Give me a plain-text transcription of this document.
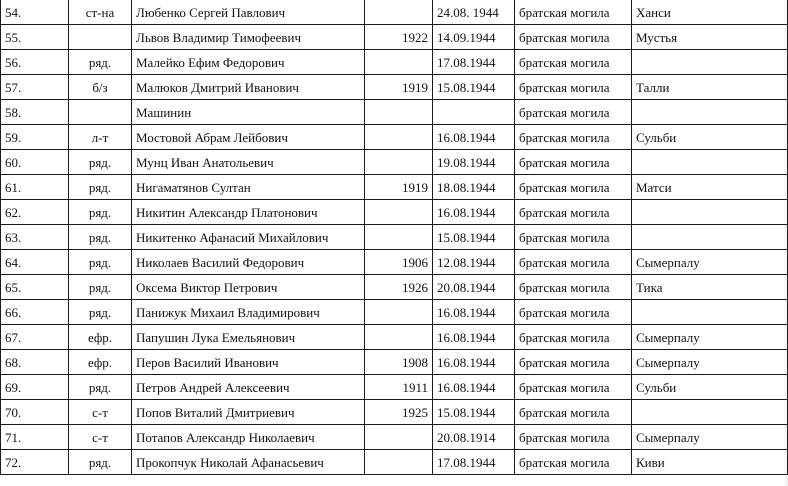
54.	ст-на	Любенко Сергей Павлович		24.08. 1944	братская могила	Ханси
55.		Львов Владимир Тимофеевич	1922	14.09.1944	братская могила	Мустья
56.	ряд.	Малейко Ефим Федорович		17.08.1944	братская могила	
57.	б/з	Малюков Дмитрий Иванович	1919	15.08.1944	братская могила	Талли
58.		Машинин			братская могила	
59.	л-т	Мостовой Абрам Лейбович		16.08.1944	братская могила	Сульби
60.	ряд.	Мунц Иван Анатольевич		19.08.1944	братская могила	
61.	ряд.	Нигаматянов Султан	1919	18.08.1944	братская могила	Матси
62.	ряд.	Никитин Александр Платонович		16.08.1944	братская могила	
63.	ряд.	Никитенко Афанасий Михайлович		15.08.1944	братская могила	
64.	ряд.	Николаев Василий Федорович	1906	12.08.1944	братская могила	Сымерпалу
65.	ряд.	Оксема Виктор Петрович	1926	20.08.1944	братская могила	Тика
66.	ряд.	Панижук Михаил Владимирович		16.08.1944	братская могила	
67.	ефр.	Папушин Лука Емельянович		16.08.1944	братская могила	Сымерпалу
68.	ефр.	Перов Василий Иванович	1908	16.08.1944	братская могила	Сымерпалу
69.	ряд.	Петров Андрей Алексеевич	1911	16.08.1944	братская могила	Сульби
70.	с-т	Попов Виталий Дмитриевич	1925	15.08.1944	братская могила	
71.	с-т	Потапов Александр Николаевич		20.08.1914	братская могила	Сымерпалу
72.	ряд.	Прокопчук Николай Афанасьевич		17.08.1944	братская могила	Киви
